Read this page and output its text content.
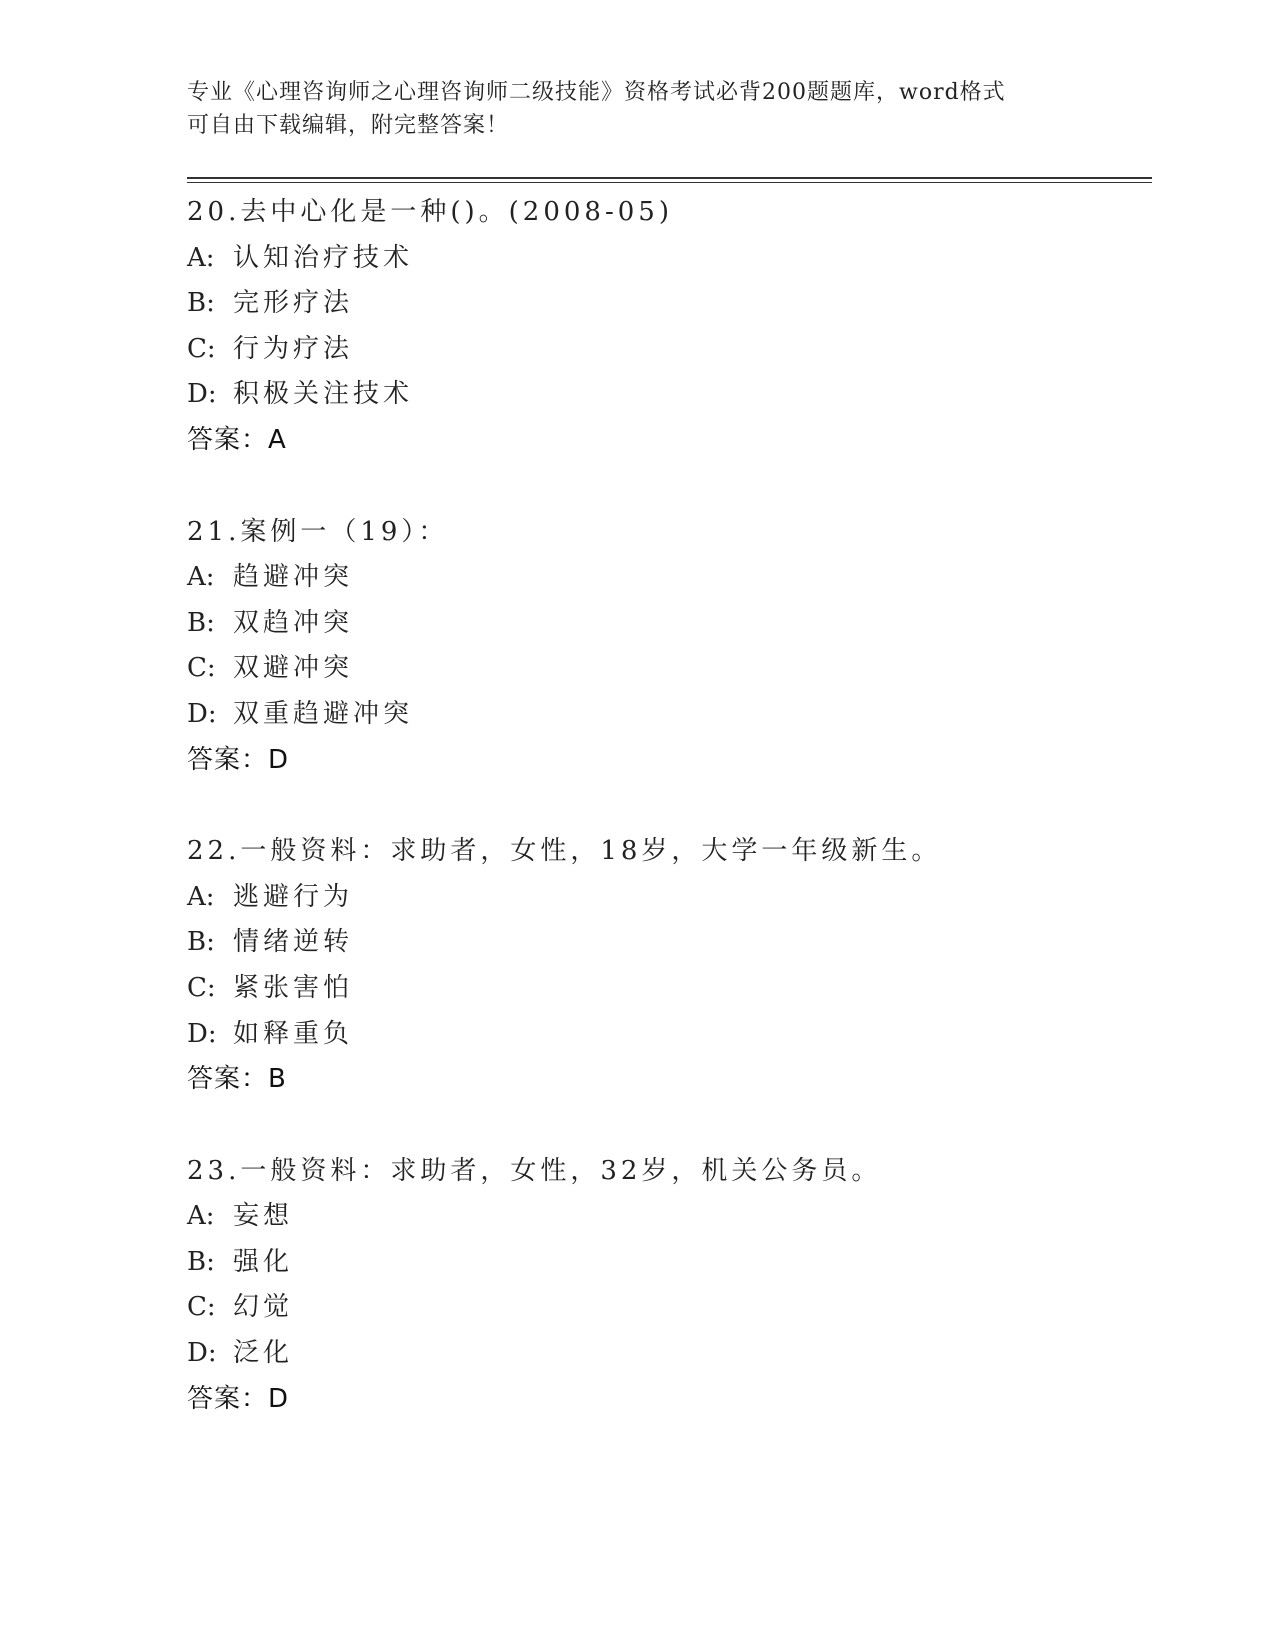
专业《心理咨询师之心理咨询师二级技能》资格考试必背200题题库，word格式
可自由下载编辑，附完整答案！
20.去中心化是一种()。(2008-05)
A: 认知治疗技术
B: 完形疗法
C: 行为疗法
D: 积极关注技术
答案：A
21.案例一（19）：
A: 趋避冲突
B: 双趋冲突
C: 双避冲突
D: 双重趋避冲突
答案：D
22.一般资料：求助者，女性，18岁，大学一年级新生。
A: 逃避行为
B: 情绪逆转
C: 紧张害怕
D: 如释重负
答案：B
23.一般资料：求助者，女性，32岁，机关公务员。
A: 妄想
B: 强化
C: 幻觉
D: 泛化
答案：D
